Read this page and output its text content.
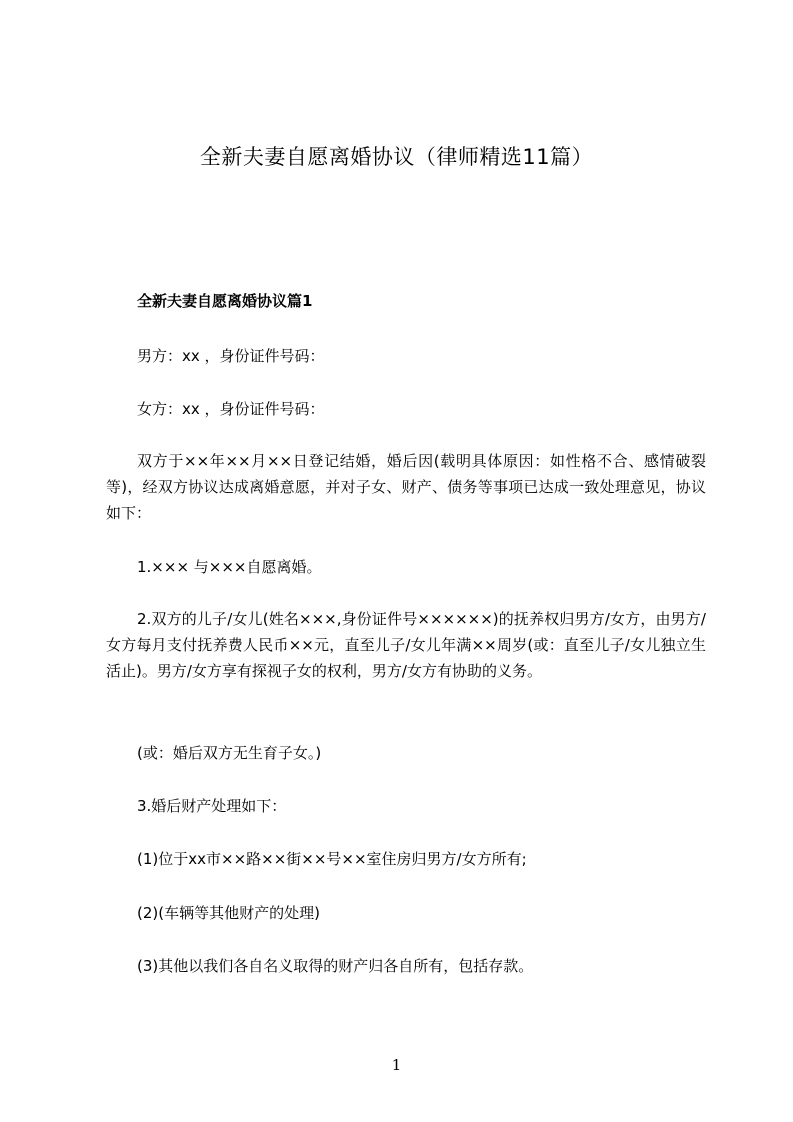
全新夫妻自愿离婚协议（律师精选11篇）
全新夫妻自愿离婚协议篇1
男方：xx ，身份证件号码：
女方：xx ，身份证件号码：
双方于××年××月××日登记结婚，婚后因(载明具体原因：如性格不合、感情破裂等)，经双方协议达成离婚意愿，并对子女、财产、债务等事项已达成一致处理意见，协议如下：
1.××× 与×××自愿离婚。
2.双方的儿子/女儿(姓名×××,身份证件号××××××)的抚养权归男方/女方，由男方/女方每月支付抚养费人民币××元，直至儿子/女儿年满××周岁(或：直至儿子/女儿独立生活止)。男方/女方享有探视子女的权利，男方/女方有协助的义务。
(或：婚后双方无生育子女。)
3.婚后财产处理如下：
(1)位于xx市××路××街××号××室住房归男方/女方所有;
(2)(车辆等其他财产的处理)
(3)其他以我们各自名义取得的财产归各自所有，包括存款。
1
